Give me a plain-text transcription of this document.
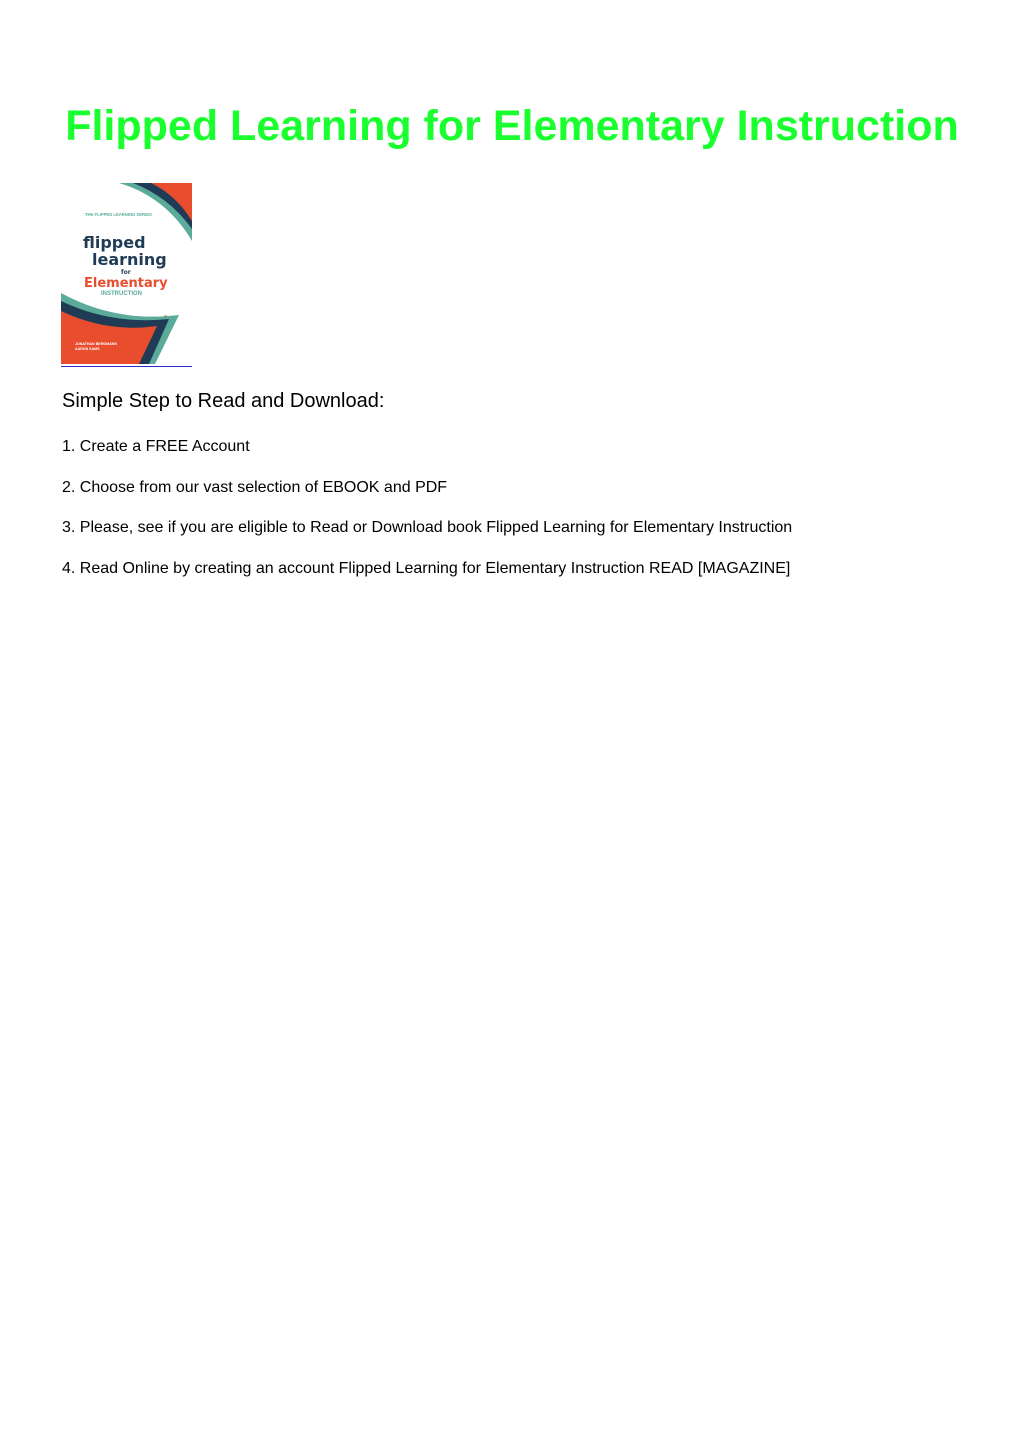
Flipped Learning for Elementary Instruction
THE FLIPPED LEARNING SERIES
flipped
learning
for
Elementary
INSTRUCTION
JONATHAN BERGMANN
AARON SAMS
Simple Step to Read and Download:

1. Create a FREE Account

2. Choose from our vast selection of EBOOK and PDF

3. Please, see if you are eligible to Read or Download book Flipped Learning for Elementary Instruction

4. Read Online by creating an account Flipped Learning for Elementary Instruction READ [MAGAZINE]
